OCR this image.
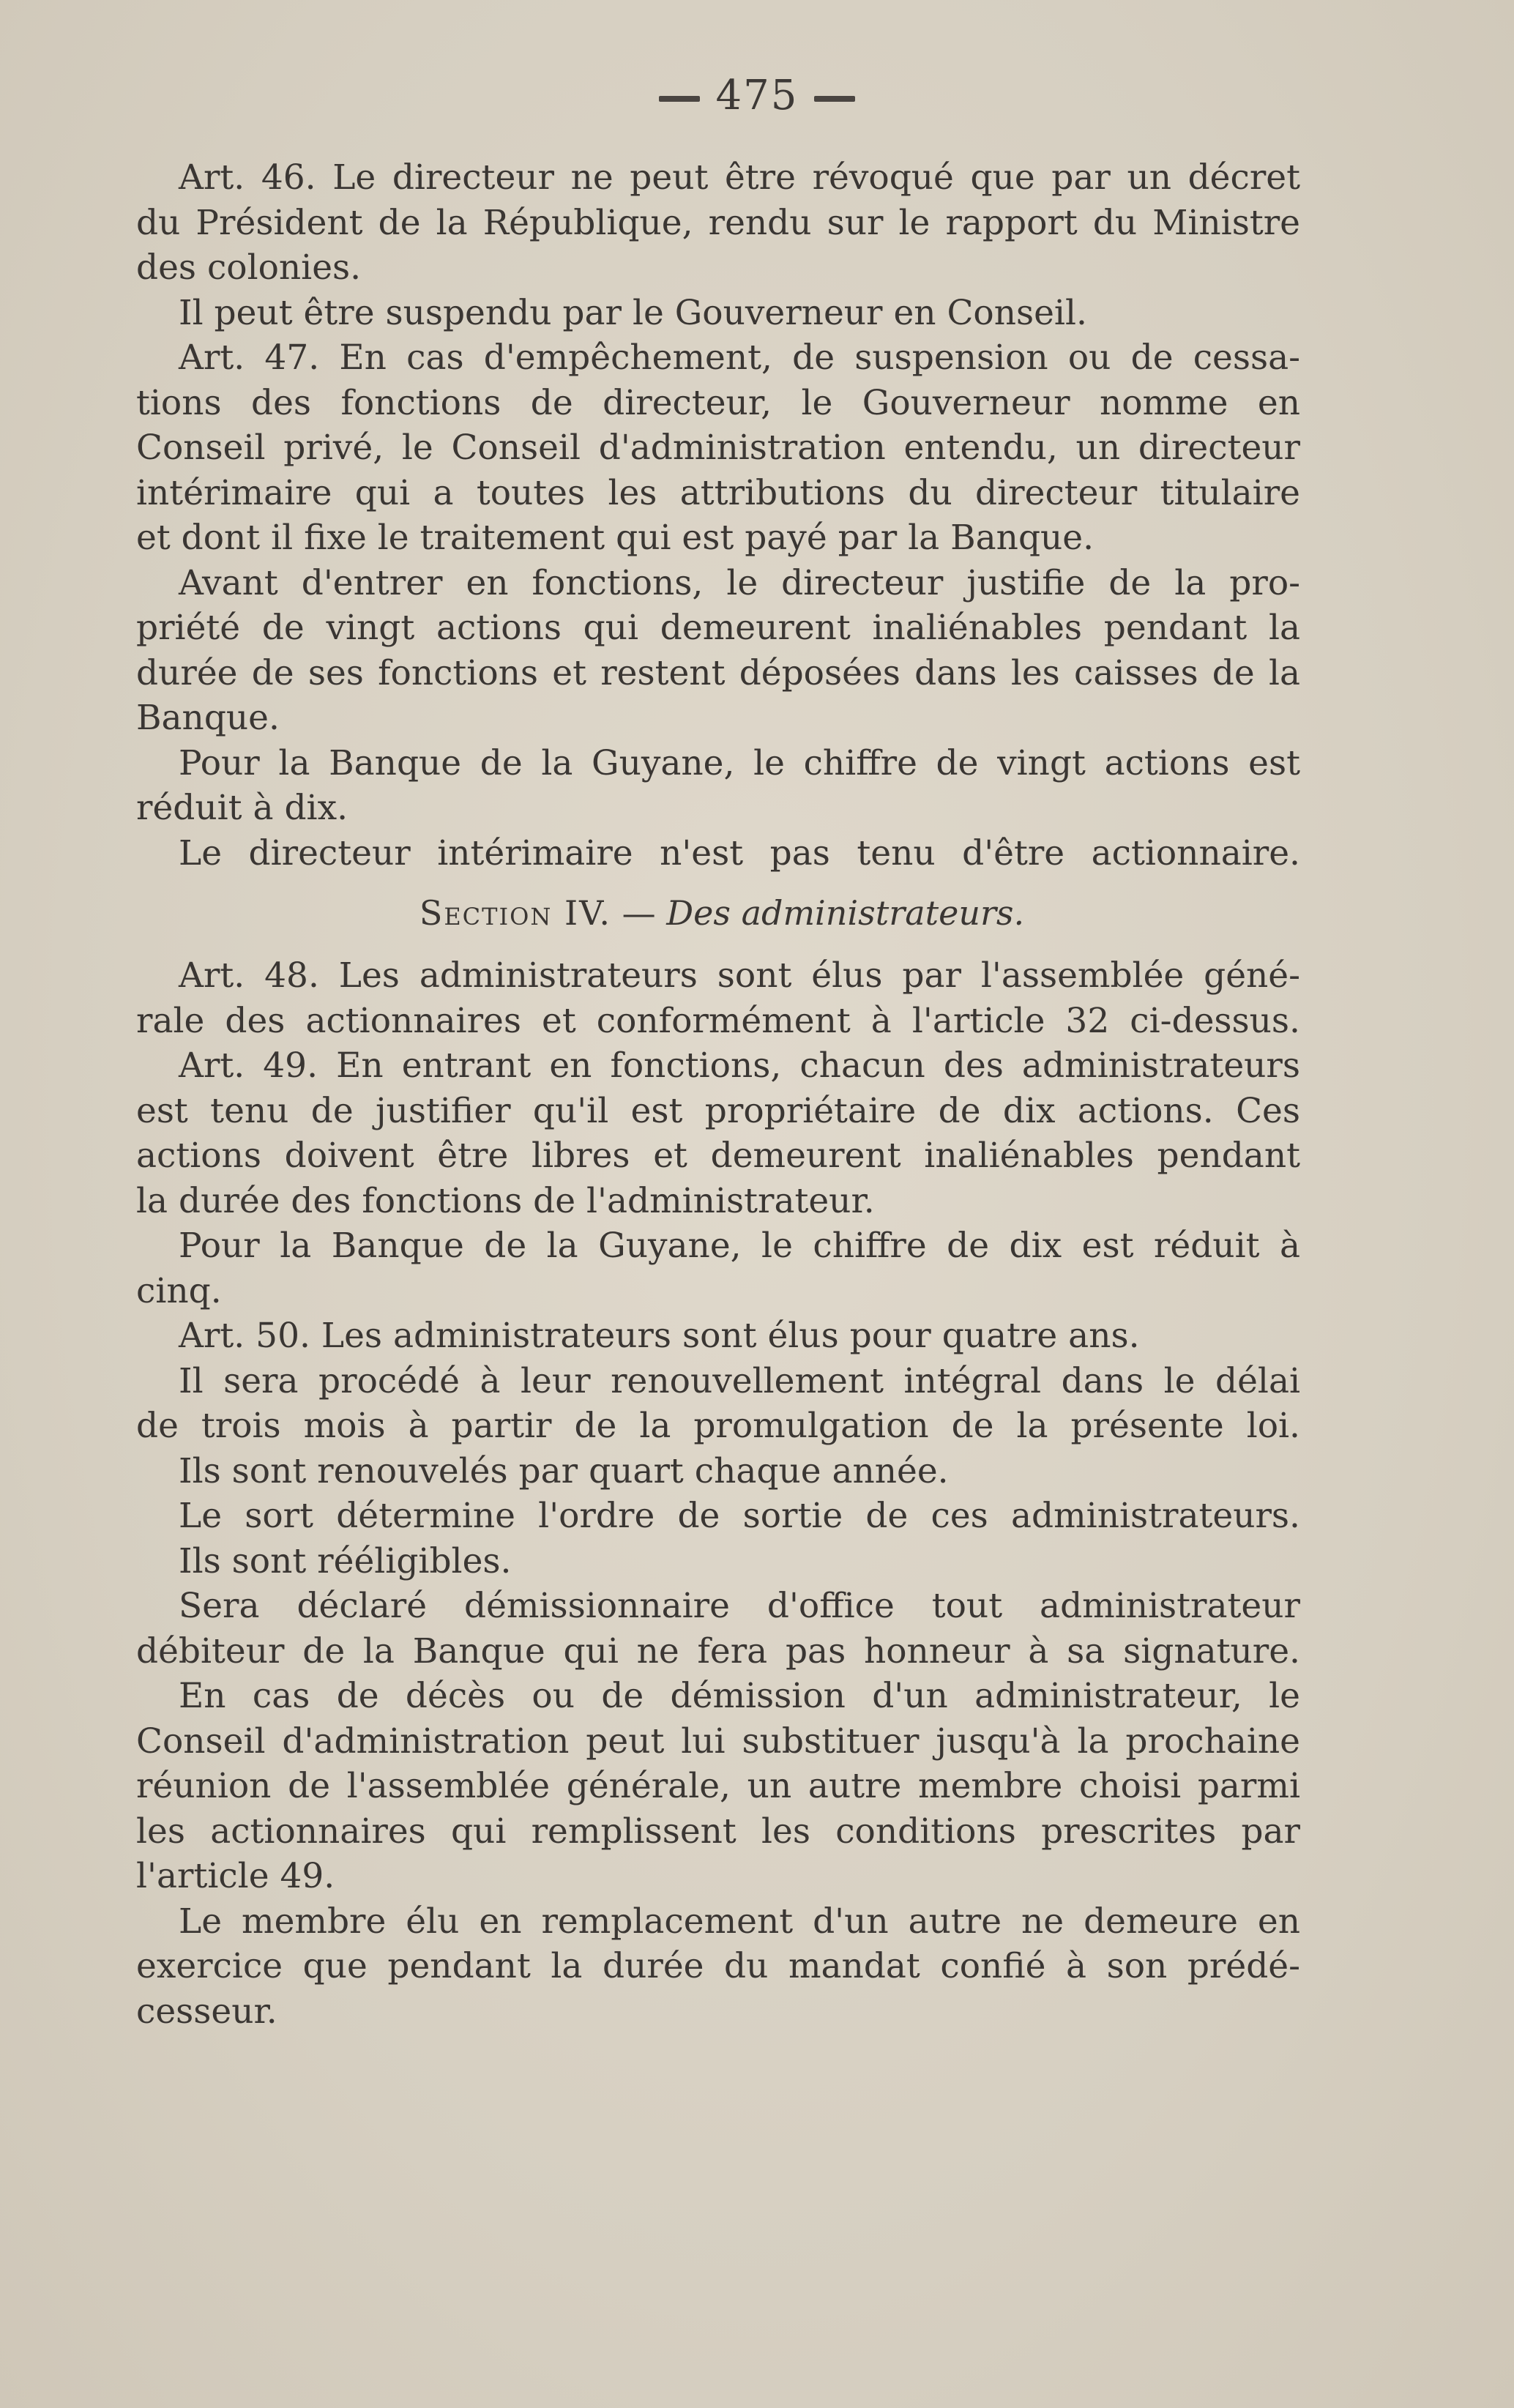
475
Art. 46. Le directeur ne peut être révoqué que par un décret
du Président de la République, rendu sur le rapport du Ministre
des colonies.
Il peut être suspendu par le Gouverneur en Conseil.
Art. 47. En cas d'empêchement, de suspension ou de cessa-
tions des fonctions de directeur, le Gouverneur nomme en
Conseil privé, le Conseil d'administration entendu, un directeur
intérimaire qui a toutes les attributions du directeur titulaire
et dont il fixe le traitement qui est payé par la Banque.
Avant d'entrer en fonctions, le directeur justifie de la pro-
priété de vingt actions qui demeurent inaliénables pendant la
durée de ses fonctions et restent déposées dans les caisses de la
Banque.
Pour la Banque de la Guyane, le chiffre de vingt actions est
réduit à dix.
Le directeur intérimaire n'est pas tenu d'être actionnaire.
Section IV. — Des administrateurs.
Art. 48. Les administrateurs sont élus par l'assemblée géné-
rale des actionnaires et conformément à l'article 32 ci-dessus.
Art. 49. En entrant en fonctions, chacun des administrateurs
est tenu de justifier qu'il est propriétaire de dix actions. Ces
actions doivent être libres et demeurent inaliénables pendant
la durée des fonctions de l'administrateur.
Pour la Banque de la Guyane, le chiffre de dix est réduit à
cinq.
Art. 50. Les administrateurs sont élus pour quatre ans.
Il sera procédé à leur renouvellement intégral dans le délai
de trois mois à partir de la promulgation de la présente loi.
Ils sont renouvelés par quart chaque année.
Le sort détermine l'ordre de sortie de ces administrateurs.
Ils sont rééligibles.
Sera déclaré démissionnaire d'office tout administrateur
débiteur de la Banque qui ne fera pas honneur à sa signature.
En cas de décès ou de démission d'un administrateur, le
Conseil d'administration peut lui substituer jusqu'à la prochaine
réunion de l'assemblée générale, un autre membre choisi parmi
les actionnaires qui remplissent les conditions prescrites par
l'article 49.
Le membre élu en remplacement d'un autre ne demeure en
exercice que pendant la durée du mandat confié à son prédé-
cesseur.
